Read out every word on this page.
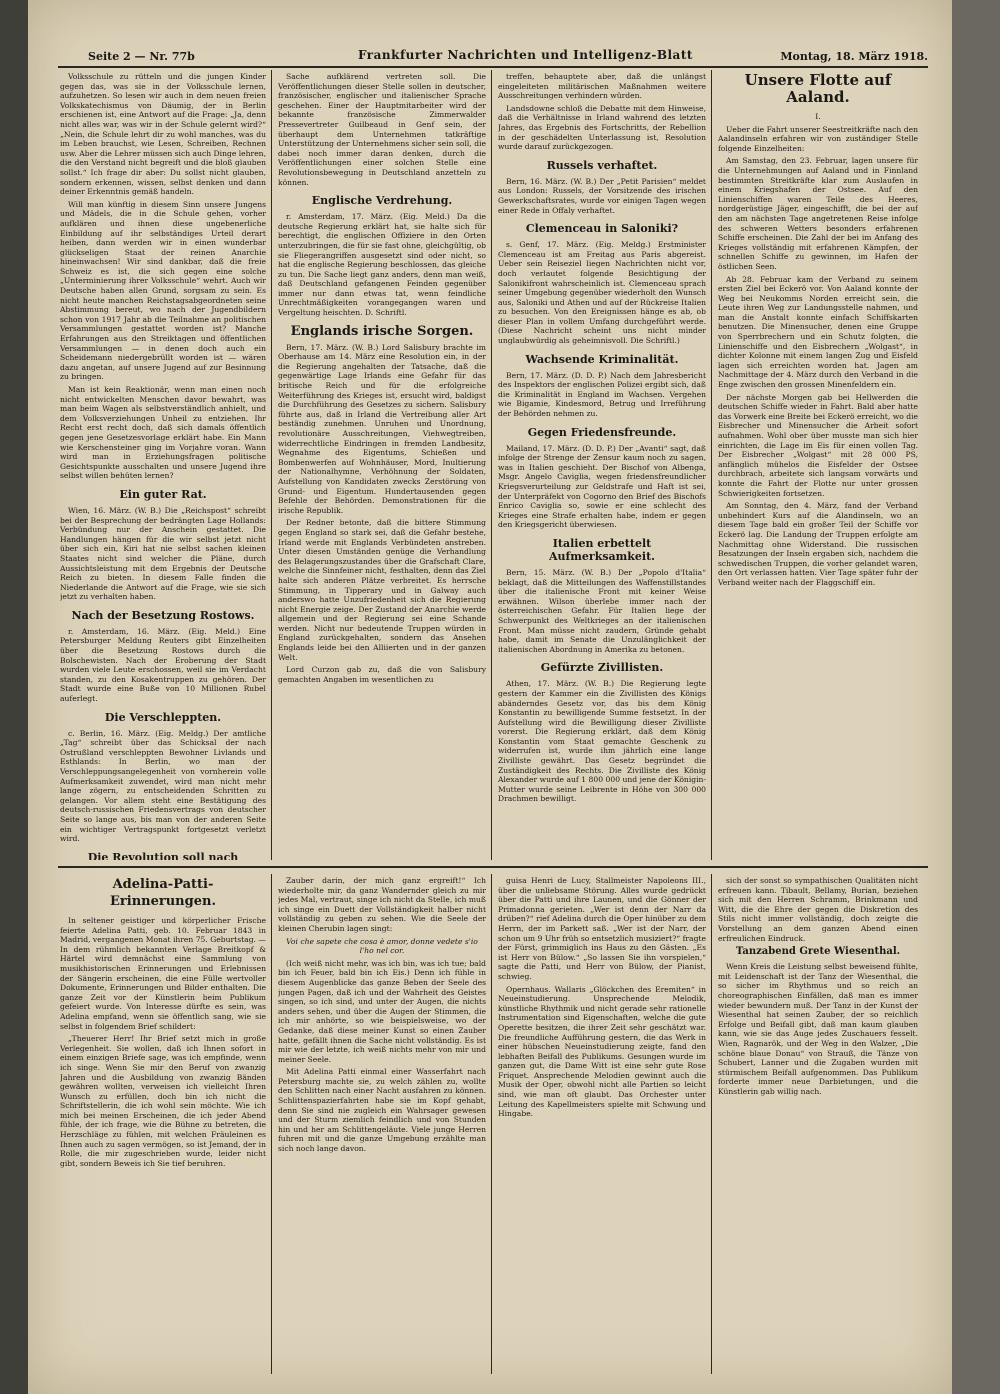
Seite 2 — Nr. 77b	Frankfurter Nachrichten und Intelligenz-Blatt	Montag, 18. März 1918.

Volksschule zu rütteln und die jungen Kinder gegen das, was sie in der Volksschule lernen, aufzuhetzen. So lesen wir auch in dem neuen freien Volkskatechismus von Däumig, der in Berlin erschienen ist, eine Antwort auf die Frage: „Ja, denn nicht alles war, was wir in der Schule gelernt wird?“ „Nein, die Schule lehrt dir zu wohl manches, was du im Leben brauchst, wie Lesen, Schreiben, Rechnen usw. Aber die Lehrer müssen sich auch Dinge lehren, die den Verstand nicht begreift und die bloß glauben sollst.“ Ich frage dir aber: Du sollst nicht glauben, sondern erkennen, wissen, selbst denken und dann deiner Erkenntnis gemäß handeln.

Will man künftig in diesem Sinn unsere Jungens und Mädels, die in die Schule gehen, vorher aufklären und ihnen diese ungebenerliche Einbildung auf ihr selbständiges Urteil derart heiben, dann werden wir in einen wunderbar glückseligen Staat der reinen Anarchie hineinwachsen! Wir sind dankbar, daß die freie Schweiz es ist, die sich gegen eine solche „Unterminierung ihrer Volksschule“ wehrt. Auch wir Deutsche haben allen Grund, sorgsam zu sein. Es nicht heute manchen Reichstagsabgeordneten seine Abstimmung bereut, wo nach der Jugendbildern schon von 1917 Jahr ab die Teilnahme an politischen Versammlungen gestattet worden ist? Manche Erfahrungen aus den Streiktagen und öffentlichen Versammlungen — in denen doch auch ein Scheidemann niedergebrüllt worden ist — wären dazu angetan, auf unsere Jugend auf zur Besinnung zu bringen.

Man ist kein Reaktionär, wenn man einen noch nicht entwickelten Menschen davor bewahrt, was man beim Wagen als selbstverständlich anhielt, und dem Volksverziehungen Unheil zu entziehen. Ihr Recht erst recht doch, daß sich damals öffentlich gegen jene Gesetzesvorlage erklärt habe. Ein Mann wie Kerschensteiner ging im Vorjahre voran. Wann wird man in Erziehungsfragen politische Gesichtspunkte ausschalten und unsere Jugend ihre selbst willen behüten lernen?

Ein guter Rat.

Wien, 16. März. (W. B.) Die „Reichspost“ schreibt bei der Besprechung der bedrängten Lage Hollands: Verbündung nur der Anschein gestattet. Die Handlungen hängen für die wir selbst jetzt nicht über sich ein, Kiri hat nie selbst sachen kleinen Staates nicht sind welcher die Pläne, durch Aussichtsleistung mit dem Ergebnis der Deutsche Reich zu bieten. In diesem Falle finden die Niederlande die Antwort auf die Frage, wie sie sich jetzt zu verhalten haben.

Nach der Besetzung Rostows.

r. Amsterdam, 16. März. (Eig. Meld.) Eine Petersburger Meldung Reuters gibt Einzelheiten über die Besetzung Rostows durch die Bolschewisten. Nach der Eroberung der Stadt wurden viele Leute erschossen, weil sie im Verdacht standen, zu den Kosakentruppen zu gehören. Der Stadt wurde eine Buße von 10 Millionen Rubel auferlegt.

Die Verschleppten.

c. Berlin, 16. März. (Eig. Meldg.) Der amtliche „Tag“ schreibt über das Schicksal der nach Ostrußland verschleppten Bewohner Livlands und Esthlands: In Berlin, wo man der Verschleppungsangelegenheit von vornherein volle Aufmerksamkeit zuwendet, wird man nicht mehr lange zögern, zu entscheidenden Schritten zu gelangen. Vor allem steht eine Bestätigung des deutsch-russischen Friedensvertrags von deutscher Seite so lange aus, bis man von der anderen Seite ein wichtiger Vertragspunkt fortgesetzt verletzt wird.

Die Revolution soll nach

Sache aufklärend vertreten soll. Die Veröffentlichungen dieser Stelle sollen in deutscher, französischer, englischer und italienischer Sprache geschehen. Einer der Hauptmitarbeiter wird der bekannte französische Zimmerwalder Pressevertreter Guilbeaud in Genf sein, der überhaupt dem Unternehmen tatkräftige Unterstützung der Unternehmens sicher sein soll, die dabei noch immer daran denken, durch die Veröffentlichungen einer solchen Stelle eine Revolutionsbewegung in Deutschland anzetteln zu können.

Englische Verdrehung.

r. Amsterdam, 17. März. (Eig. Meld.) Da die deutsche Regierung erklärt hat, sie halte sich für berechtigt, die englischen Offiziere in den Orten unterzubringen, die für sie fast ohne, gleichgültig, ob sie Fliegerangriffen ausgesetzt sind oder nicht, so hat die englische Regierung beschlossen, das gleiche zu tun. Die Sache liegt ganz anders, denn man weiß, daß Deutschland gefangenen Feinden gegenüber immer nur dann etwas tat, wenn feindliche Unrechtmäßigkeiten vorangegangen waren und Vergeltung heischten. D. Schriftl.

Englands irische Sorgen.

Bern, 17. März. (W. B.) Lord Salisbury brachte im Oberhause am 14. März eine Resolution ein, in der die Regierung angehalten der Tatsache, daß die gegenwärtige Lage Irlands eine Gefahr für das britische Reich und für die erfolgreiche Weiterführung des Krieges ist, ersucht wird, baldigst die Durchführung des Gesetzes zu sichern. Salisbury führte aus, daß in Irland die Vertreibung aller Art beständig zunehmen. Unruhen und Unordnung, revolutionäre Ausschreitungen, Viehwegtreiben, widerrechtliche Eindringen in fremden Landbesitz, Wegnahme des Eigentums, Schießen und Bombenwerfen auf Wohnhäuser, Mord, Inultierung der Nationalhymne, Verhöhnung der Soldaten, Aufstellung von Kandidaten zwecks Zerstörung von Grund- und Eigentum. Hundertausenden gegen Befehle der Behörden. Demonstrationen für die irische Republik.

Der Redner betonte, daß die bittere Stimmung gegen England so stark sei, daß die Gefahr bestehe, Irland werde mit Englands Verbündeten anstreben. Unter diesen Umständen genüge die Verhandlung des Belagerungszustandes über die Grafschaft Clare, welche die Sinnfeiner nicht, festhalten, denn das Ziel halte sich anderen Plätze verbreitet. Es herrsche Stimmung, in Tipperary und in Galway auch anderswo hatte Unzufriedenheit sich die Regierung nicht Energie zeige. Der Zustand der Anarchie werde allgemein und der Regierung sei eine Schande werden. Nicht nur bedeutende Truppen würden in England zurückgehalten, sondern das Ansehen Englands leide bei den Alliierten und in der ganzen Welt.

Lord Curzon gab zu, daß die von Salisbury gemachten Angaben im wesentlichen zu

treffen, behauptete aber, daß die unlängst eingeleiteten militärischen Maßnahmen weitere Ausschreitungen verhindern würden.

Landsdowne schloß die Debatte mit dem Hinweise, daß die Verhältnisse in Irland wahrend des letzten Jahres, das Ergebnis des Fortschritts, der Rebellion in der geschädelten Unterlassung ist, Resolution wurde darauf zurückgezogen.

Russels verhaftet.

Bern, 16. März. (W. B.) Der „Petit Parisien“ meldet aus London: Russels, der Vorsitzende des irischen Gewerkschaftsrates, wurde vor einigen Tagen wegen einer Rede in Offaly verhaftet.

Clemenceau in Saloniki?

s. Genf, 17. März. (Eig. Meldg.) Erstminister Clemenceau ist am Freitag aus Paris abgereist. Ueber sein Reiseziel liegen Nachrichten nicht vor, doch verlautet folgende Besichtigung der Salonikifront wahrscheinlich ist. Clemenceau sprach seiner Umgebung gegenüber wiederholt den Wunsch aus, Saloniki und Athen und auf der Rückreise Italien zu besuchen. Von den Ereignissen hänge es ab, ob dieser Plan in vollem Umfang durchgeführt werde. (Diese Nachricht scheint uns nicht minder unglaubwürdig als geheimnisvoll. Die Schriftl.)

Wachsende Kriminalität.

Bern, 17. März. (D. D. P.) Nach dem Jahresbericht des Inspektors der englischen Polizei ergibt sich, daß die Kriminalität in England im Wachsen. Vergehen wie Bigamie, Kindesmord, Betrug und Irreführung der Behörden nehmen zu.

Gegen Friedensfreunde.

Mailand, 17. März. (D. D. P.) Der „Avanti“ sagt, daß infolge der Strenge der Zensur kaum noch zu sagen, was in Italien geschieht. Der Bischof von Albenga, Msgr. Angelo Caviglia, wegen friedensfreundlicher Kriegsverurteilung zur Geldstrafe und Haft ist sei, der Unterpräfekt von Cogorno den Brief des Bischofs Enrico Caviglia so, sowie er eine schlecht des Krieges eine Strafe erhalten habe, indem er gegen den Kriegsgericht überwiesen.

Italien erbettelt Aufmerksamkeit.

Bern, 15. März. (W. B.) Der „Popolo d'Italia“ beklagt, daß die Mitteilungen des Waffenstillstandes über die italienische Front mit keiner Weise erwähnen. Wilson überlebe immer nach der österreichischen Gefahr. Für Italien liege der Schwerpunkt des Weltkrieges an der italienischen Front. Man müsse nicht zaudern, Gründe gehabt habe, damit im Senate die Unzulänglichkeit der italienischen Abordnung in Amerika zu betonen.

Gefürzte Zivillisten.

Athen, 17. März. (W. B.) Die Regierung legte gestern der Kammer ein die Zivillisten des Königs abänderndes Gesetz vor, das bis dem König Konstantin zu bewilligende Summe festsetzt. In der Aufstellung wird die Bewilligung dieser Zivilliste vorerst. Die Regierung erklärt, daß dem König Konstantin vom Staat gemachte Geschenk zu widerrufen ist, wurde ihm jährlich eine lange Zivilliste gewährt. Das Gesetz begründet die Zuständigkeit des Rechts. Die Zivilliste des König Alexander wurde auf 1 800 000 und jene der Königin-Mutter wurde seine Leibrente in Höhe von 300 000 Drachmen bewilligt.

Unsere Flotte auf Aaland.

I.

Ueber die Fahrt unserer Seestreitkräfte nach den Aalandinseln erfahren wir von zuständiger Stelle folgende Einzelheiten:

Am Samstag, den 23. Februar, lagen unsere für die Unternehmungen auf Aaland und in Finnland bestimmten Streitkräfte klar zum Auslaufen in einem Kriegshafen der Ostsee. Auf den Linienschiffen waren Teile des Heeres, nordgerüstige Jäger, eingeschifft, die bei der auf den am nächsten Tage angetretenen Reise infolge des schweren Wetters besonders erfahrenen Schiffe erscheinen. Die Zahl der bei im Anfang des Krieges vollständig mit erfahrenen Kämpfen, der schnellen Schiffe zu gewinnen, im Hafen der östlichen Seen.

Ab 28. Februar kam der Verband zu seinem ersten Ziel bei Eckerö vor. Von Aaland konnte der Weg bei Neukomms Norden erreicht sein, die Leute ihren Weg zur Landungsstelle nahmen, und man die Anstalt konnte einfach Schiffskarten benutzen. Die Minensucher, denen eine Gruppe von Sperrbrechern und ein Schutz folgten, die Linienschiffe und den Eisbrechern „Wolgast“, in dichter Kolonne mit einem langen Zug und Eisfeld lagen sich erreichten worden hat. Jagen am Nachmittage der 4. März durch den Verband in die Enge zwischen den grossen Minenfeldern ein.

Der nächste Morgen gab bei Hellwerden die deutschen Schiffe wieder in Fahrt. Bald aber hatte das Vorwerk eine Breite bei Eckerö erreicht, wo die Eisbrecher und Minensucher die Arbeit sofort aufnahmen. Wohl ober über musste man sich hier einrichten, die Lage im Eis für einen vollen Tag. Der Eisbrecher „Wolgast“ mit 28 000 PS, anfänglich mühelos die Eisfelder der Ostsee durchbrach, arbeitete sich langsam vorwärts und konnte die Fahrt der Flotte nur unter grossen Schwierigkeiten fortsetzen.

Am Sonntag, den 4. März, fand der Verband unbehindert Kurs auf die Alandinseln, wo an diesem Tage bald ein großer Teil der Schiffe vor Eckerö lag. Die Landung der Truppen erfolgte am Nachmittag ohne Widerstand. Die russischen Besatzungen der Inseln ergaben sich, nachdem die schwedischen Truppen, die vorher gelandet waren, den Ort verlassen hatten. Vier Tage später fuhr der Verband weiter nach der Flaggschiff ein.

Adelina-Patti-Erinnerungen.

In seltener geistiger und körperlicher Frische feierte Adelina Patti, geb. 10. Februar 1843 in Madrid, vergangenen Monat ihren 75. Geburtstag. — In dem rühmlich bekannten Verlage Breitkopf & Härtel wird demnächst eine Sammlung von musikhistorischen Erinnerungen und Erlebnissen der Sängerin erscheinen, die eine Fülle wertvoller Dokumente, Erinnerungen und Bilder enthalten. Die ganze Zeit vor der Künstlerin beim Publikum gefeiert wurde. Von Interesse dürfte es sein, was Adelina empfand, wenn sie öffentlich sang, wie sie selbst in folgendem Brief schildert:

„Theuerer Herr! Ihr Brief setzt mich in große Verlegenheit. Sie wollen, daß ich Ihnen sofort in einem einzigen Briefe sage, was ich empfinde, wenn ich singe. Wenn Sie mir den Beruf von zwanzig Jahren und die Ausbildung von zwanzig Bänden gewähren wollten, verweisen ich vielleicht Ihren Wunsch zu erfüllen, doch bin ich nicht die Schriftstellerin, die ich wohl sein möchte. Wie ich mich bei meinen Erscheinen, die ich jeder Abend fühle, der ich frage, wie die Bühne zu betreten, die Herzschläge zu fühlen, mit welchen Fräuleinen es Ihnen auch zu sagen vermögen, so ist Jemand, der in Rolle, die mir zugeschrieben wurde, leider nicht gibt, sondern Beweis ich Sie tief beruhren.

Zauber darin, der mich ganz ergreift!“ Ich wiederholte mir, da ganz Wandernder gleich zu mir jedes Mal, vertraut, singe ich nicht da Stelle, ich muß ich singe ein Duett der Vollständigkeit halber nicht vollständig zu geben zu sehen. Wie die Seele der kleinen Cherubin lagen singt:

Voi che sapete che cosa è amor, donne vedete s'io l'ho nel cor.

(Ich weiß nicht mehr, was ich bin, was ich tue; bald bin ich Feuer, bald bin ich Eis.) Denn ich fühle in diesem Augenblicke das ganze Beben der Seele des jungen Pagen, daß ich und der Wahrheit des Geistes singen, so ich sind, und unter der Augen, die nichts anders sehen, und über die Augen der Stimmen, die ich mir anhörte, so wie beispielsweise, wo der Gedanke, daß diese meiner Kunst so einen Zauber hatte, gefällt ihnen die Sache nicht vollständig. Es ist mir wie der letzte, ich weiß nichts mehr von mir und meiner Seele.

Mit Adelina Patti einmal einer Wasserfahrt nach Petersburg machte sie, zu welch zählen zu, wollte den Schlitten nach einer Nacht ausfahren zu können. Schlittenspazierfahrten habe sie im Kopf gehabt, denn Sie sind nie zugleich ein Wahrsager gewesen und der Sturm ziemlich feindlich und von Stunden hin und her am Schlittengeläute. Viele junge Herren fuhren mit und die ganze Umgebung erzählte man sich noch lange davon.

guisa Henri de Lucy, Stallmeister Napoleons III., über die unliebsame Störung. Alles wurde gedrückt über die Patti und ihre Launen, und die Gönner der Primadonna gerieten. „Wer ist denn der Narr da drüben?“ rief Adelina durch die Oper hinüber zu dem Herrn, der im Parkett saß. „Wer ist der Narr, der schon um 9 Uhr früh so entsetzlich musiziert?“ fragte der Fürst, grimmiglich ins Haus zu den Gästen. „Es ist Herr von Bülow.“ „So lassen Sie ihn vorspielen,“ sagte die Patti, und Herr von Bülow, der Pianist, schwieg.

Opernhaus. Wallaris „Glöckchen des Eremiten“ in Neueinstudierung. Unsprechende Melodik, künstliche Rhythmik und nicht gerade sehr rationelle Instrumentation sind Eigenschaften, welche die gute Operette besitzen, die ihrer Zeit sehr geschätzt war. Die freundliche Aufführung gestern, die das Werk in einer hübschen Neueinstudierung zeigte, fand den lebhaften Beifall des Publikums. Gesungen wurde im ganzen gut, die Dame Witt ist eine sehr gute Rose Friquet. Ansprechende Melodien gewinnt auch die Musik der Oper, obwohl nicht alle Partien so leicht sind, wie man oft glaubt. Das Orchester unter Leitung des Kapellmeisters spielte mit Schwung und Hingabe.

sich der sonst so sympathischen Qualitäten nicht erfreuen kann. Tibault, Bellamy, Burian, beziehen sich mit den Herren Schramm, Brinkmann und Witt, die die Ehre der gegen die Diskretion des Stils nicht immer vollständig, doch zeigte die Vorstellung an dem ganzen Abend einen erfreulichen Eindruck.

Tanzabend Grete Wiesenthal.

Wenn Kreis die Leistung selbst beweisend fühlte, mit Leidenschaft ist der Tanz der Wiesenthal, die so sicher im Rhythmus und so reich an choreographischen Einfällen, daß man es immer wieder bewundern muß. Der Tanz in der Kunst der Wiesenthal hat seinen Zauber, der so reichlich Erfolge und Beifall gibt, daß man kaum glauben kann, wie sie das Auge jedes Zuschauers fesselt. Wien, Ragnarök, und der Weg in den Walzer, „Die schöne blaue Donau“ von Strauß, die Tänze von Schubert, Lanner und die Zugaben wurden mit stürmischem Beifall aufgenommen. Das Publikum forderte immer neue Darbietungen, und die Künstlerin gab willig nach.
